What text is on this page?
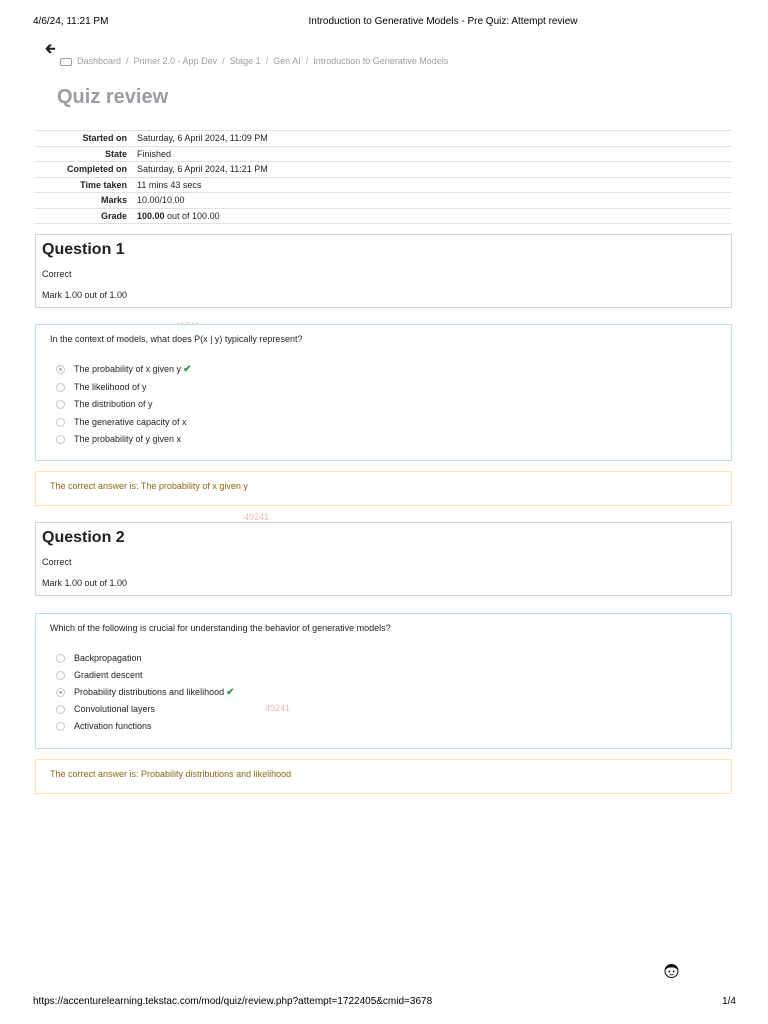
4/6/24, 11:21 PM	Introduction to Generative Models - Pre Quiz: Attempt review
🡰
Dashboard / Primer 2.0 - App Dev / Stage 1 / Gen AI / Introduction to Generative Models
Quiz review
Started on	Saturday, 6 April 2024, 11:09 PM
State	Finished
Completed on	Saturday, 6 April 2024, 11:21 PM
Time taken	11 mins 43 secs
Marks	10.00/10.00
Grade	100.00 out of 100.00
Question 1
Correct
Mark 1.00 out of 1.00
In the context of models, what does P(x | y) typically represent?
The probability of x given y ✔
The likelihood of y
The distribution of y
The generative capacity of x
The probability of y given x
The correct answer is: The probability of x given y
49241
Question 2
Correct
Mark 1.00 out of 1.00
Which of the following is crucial for understanding the behavior of generative models?
Backpropagation
Gradient descent
Probability distributions and likelihood ✔
Convolutional layers
Activation functions
49241
The correct answer is: Probability distributions and likelihood
https://accenturelearning.tekstac.com/mod/quiz/review.php?attempt=1722405&cmid=3678	1/4
